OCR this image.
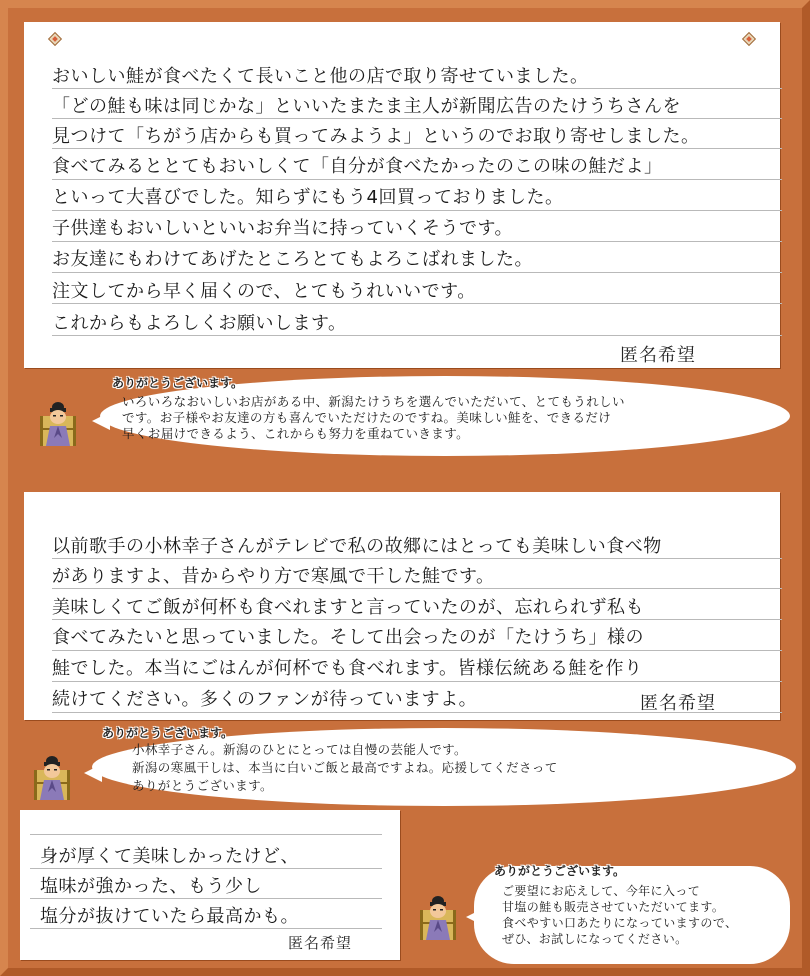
おいしい鮭が食べたくて長いこと他の店で取り寄せていました。
「どの鮭も味は同じかな」といいたまたま主人が新聞広告のたけうちさんを
見つけて「ちがう店からも買ってみようよ」というのでお取り寄せしました。
食べてみるととてもおいしくて「自分が食べたかったのこの味の鮭だよ」
といって大喜びでした。知らずにもう4回買っておりました。
子供達もおいしいといいお弁当に持っていくそうです。
お友達にもわけてあげたところとてもよろこばれました。
注文してから早く届くので、とてもうれいいです。
これからもよろしくお願いします。
匿名希望
ありがとうございます。
いろいろなおいしいお店がある中、新潟たけうちを選んでいただいて、とてもうれしい
です。お子様やお友達の方も喜んでいただけたのですね。美味しい鮭を、できるだけ
早くお届けできるよう、これからも努力を重ねていきます。
以前歌手の小林幸子さんがテレビで私の故郷にはとっても美味しい食べ物
がありますよ、昔からやり方で寒風で干した鮭です。
美味しくてご飯が何杯も食べれますと言っていたのが、忘れられず私も
食べてみたいと思っていました。そして出会ったのが「たけうち」様の
鮭でした。本当にごはんが何杯でも食べれます。皆様伝統ある鮭を作り
続けてください。多くのファンが待っていますよ。	匿名希望
ありがとうございます。
小林幸子さん。新潟のひとにとっては自慢の芸能人です。
新潟の寒風干しは、本当に白いご飯と最高ですよね。応援してくださって
ありがとうございます。
身が厚くて美味しかったけど、
塩味が強かった、もう少し
塩分が抜けていたら最高かも。
匿名希望
ありがとうございます。
ご要望にお応えして、今年に入って
甘塩の鮭も販売させていただいてます。
食べやすい口あたりになっていますので、
ぜひ、お試しになってください。
